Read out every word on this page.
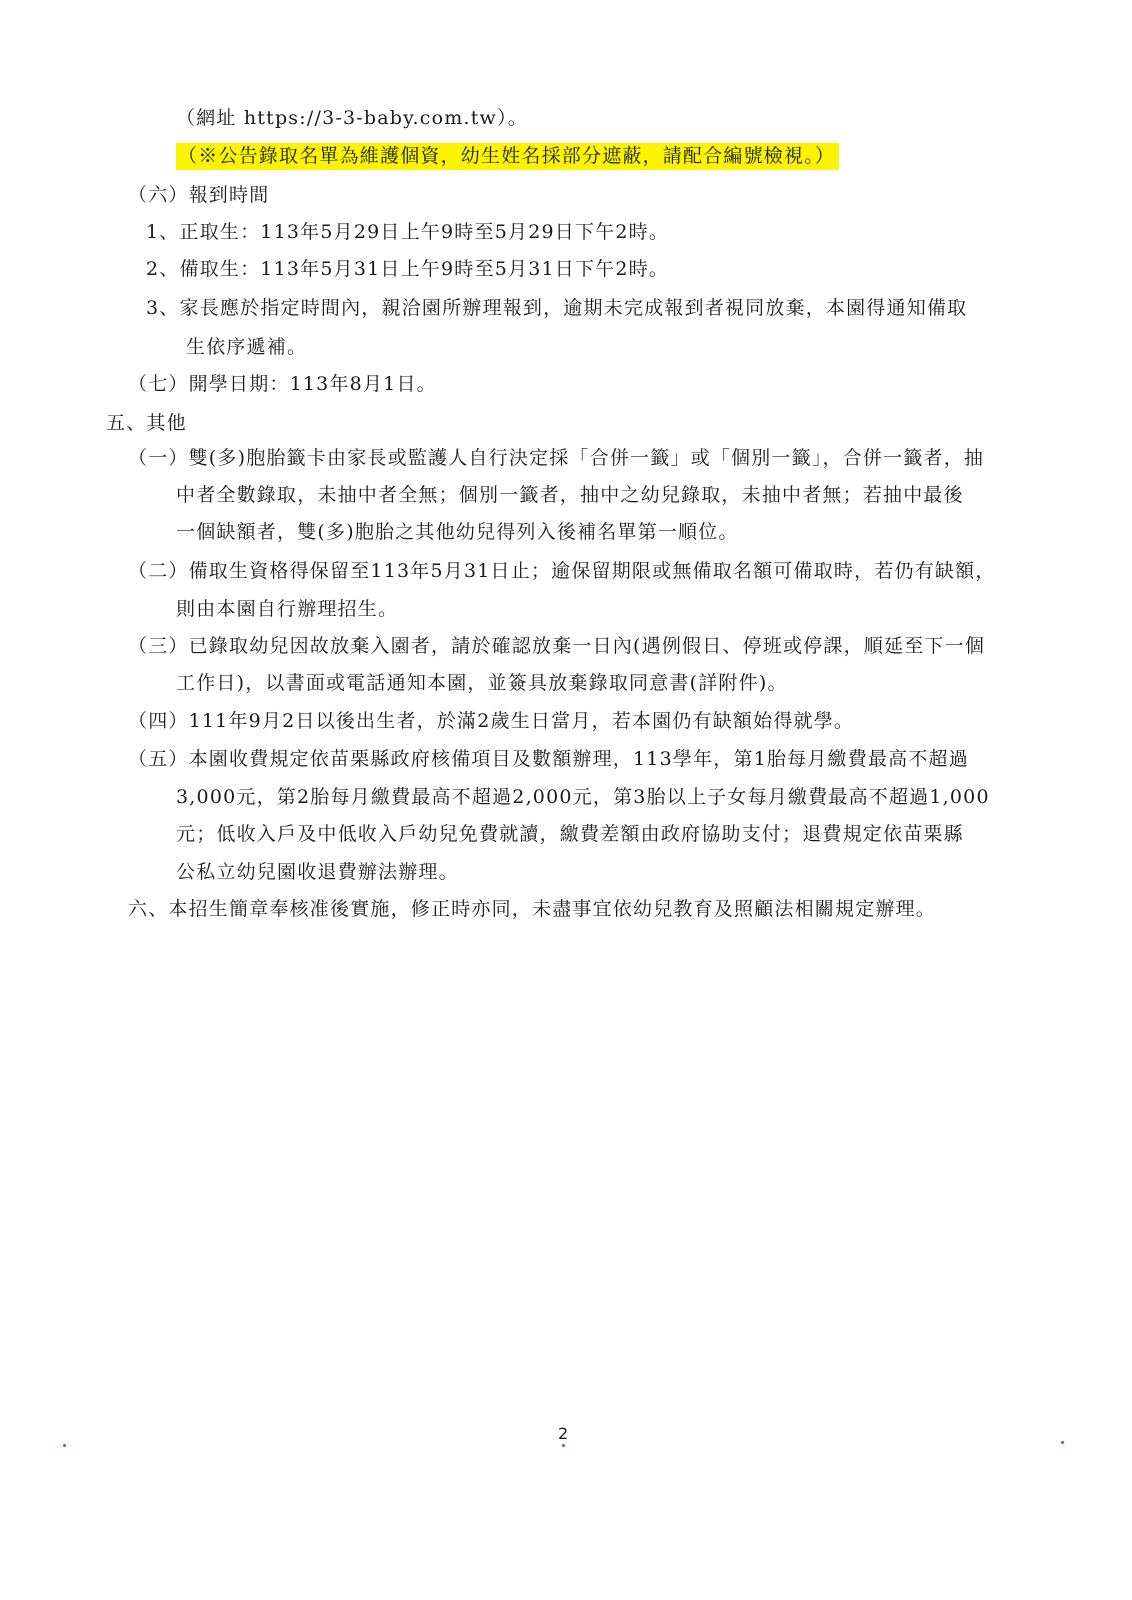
（網址 https://3-3-baby.com.tw）。
（※公告錄取名單為維護個資，幼生姓名採部分遮蔽，請配合編號檢視。）
（六）報到時間
1、正取生：113年5月29日上午9時至5月29日下午2時。
2、備取生：113年5月31日上午9時至5月31日下午2時。
3、家長應於指定時間內，親洽園所辦理報到，逾期未完成報到者視同放棄，本園得通知備取
生依序遞補。
（七）開學日期：113年8月1日。
五、其他
（一）雙(多)胞胎籤卡由家長或監護人自行決定採「合併一籤」或「個別一籤」，合併一籤者，抽
中者全數錄取，未抽中者全無；個別一籤者，抽中之幼兒錄取，未抽中者無；若抽中最後
一個缺額者，雙(多)胞胎之其他幼兒得列入後補名單第一順位。
（二）備取生資格得保留至113年5月31日止；逾保留期限或無備取名額可備取時，若仍有缺額，
則由本園自行辦理招生。
（三）已錄取幼兒因故放棄入園者，請於確認放棄一日內(遇例假日、停班或停課，順延至下一個
工作日)，以書面或電話通知本園，並簽具放棄錄取同意書(詳附件)。
（四）111年9月2日以後出生者，於滿2歲生日當月，若本園仍有缺額始得就學。
（五）本園收費規定依苗栗縣政府核備項目及數額辦理，113學年，第1胎每月繳費最高不超過
3,000元，第2胎每月繳費最高不超過2,000元，第3胎以上子女每月繳費最高不超過1,000
元；低收入戶及中低收入戶幼兒免費就讀，繳費差額由政府協助支付；退費規定依苗栗縣
公私立幼兒園收退費辦法辦理。
六、本招生簡章奉核准後實施，修正時亦同，未盡事宜依幼兒教育及照顧法相關規定辦理。
2
